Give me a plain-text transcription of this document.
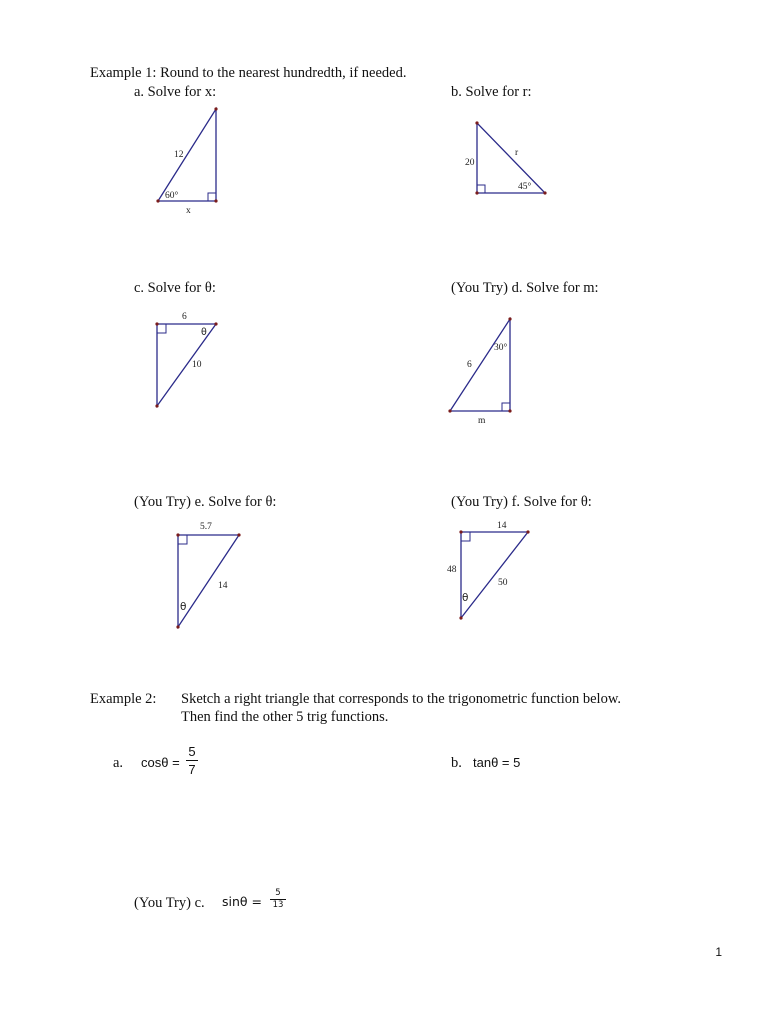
Example 1: Round to the nearest hundredth, if needed.
a. Solve for x:
12
60°
x
b. Solve for r:
20
r
45°
c. Solve for θ:
6
θ
10
(You Try) d. Solve for m:
6
30°
m
(You Try) e. Solve for θ:
5.7
14
θ
(You Try) f. Solve for θ:
14
48
50
θ
Example 2: Sketch a right triangle that corresponds to the trigonometric function below.
Then find the other 5 trig functions.
a. cosθ =
5
7	b. tanθ = 5
(You Try) c. sinθ =
5
13
1
